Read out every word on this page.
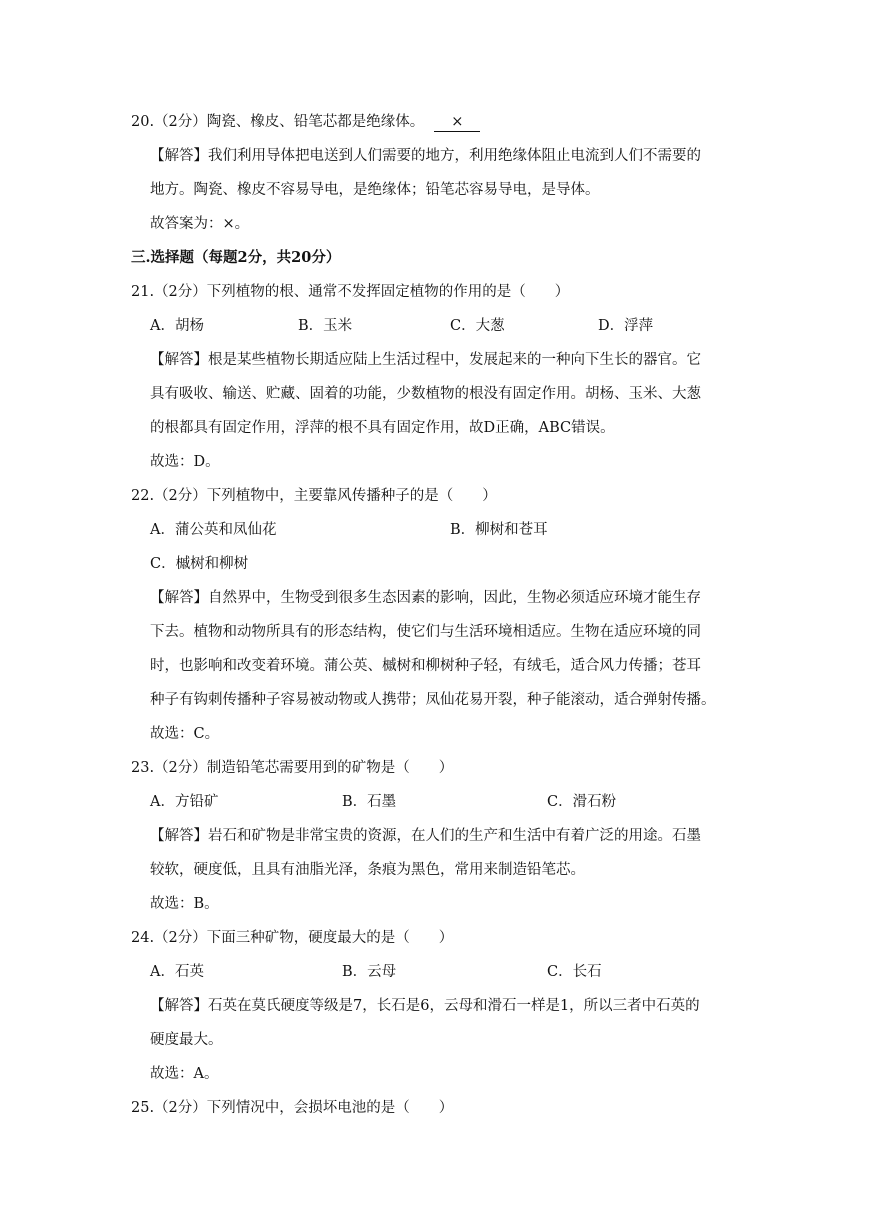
20.（2分）陶瓷、橡皮、铅笔芯都是绝缘体。 ×
【解答】我们利用导体把电送到人们需要的地方，利用绝缘体阻止电流到人们不需要的
地方。陶瓷、橡皮不容易导电，是绝缘体；铅笔芯容易导电，是导体。
故答案为：×。
三.选择题（每题2分，共20分）
21.（2分）下列植物的根、通常不发挥固定植物的作用的是（　　）
A．胡杨	B．玉米	C．大葱	D．浮萍
【解答】根是某些植物长期适应陆上生活过程中，发展起来的一种向下生长的器官。它
具有吸收、输送、贮藏、固着的功能，少数植物的根没有固定作用。胡杨、玉米、大葱
的根都具有固定作用，浮萍的根不具有固定作用，故D正确，ABC错误。
故选：D。
22.（2分）下列植物中，主要靠风传播种子的是（　　）
A．蒲公英和凤仙花	B．柳树和苍耳
C．槭树和柳树
【解答】自然界中，生物受到很多生态因素的影响，因此，生物必须适应环境才能生存
下去。植物和动物所具有的形态结构，使它们与生活环境相适应。生物在适应环境的同
时，也影响和改变着环境。蒲公英、槭树和柳树种子轻，有绒毛，适合风力传播；苍耳
种子有钩刺传播种子容易被动物或人携带；凤仙花易开裂，种子能滚动，适合弹射传播。
故选：C。
23.（2分）制造铅笔芯需要用到的矿物是（　　）
A．方铅矿	B．石墨	C．滑石粉
【解答】岩石和矿物是非常宝贵的资源，在人们的生产和生活中有着广泛的用途。石墨
较软，硬度低，且具有油脂光泽，条痕为黑色，常用来制造铅笔芯。
故选：B。
24.（2分）下面三种矿物，硬度最大的是（　　）
A．石英	B．云母	C．长石
【解答】石英在莫氏硬度等级是7，长石是6，云母和滑石一样是1，所以三者中石英的
硬度最大。
故选：A。
25.（2分）下列情况中，会损坏电池的是（　　）
